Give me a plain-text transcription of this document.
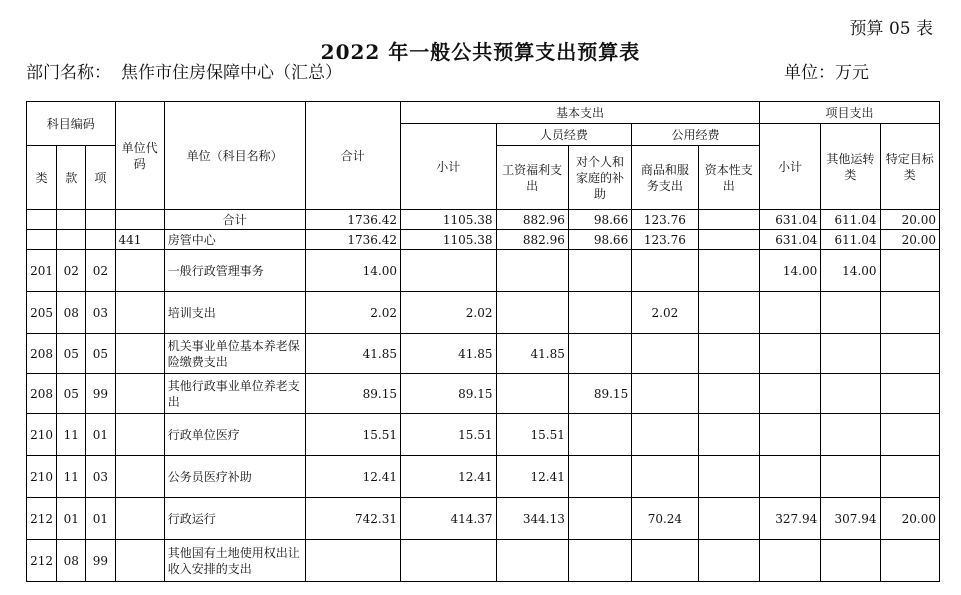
预算 05 表
2022 年一般公共预算支出预算表
部门名称： 焦作市住房保障中心（汇总）	单位：万元
科目编码			单位代码	单位（科目名称）	合计	基本支出					项目支出		
						小计	人员经费		公用经费		小计	其他运转类	特定目标类
类	款	项					工资福利支出	对个人和家庭的补助	商品和服务支出	资本性支出			

				合计	1736.42	1105.38	882.96	98.66	123.76		631.04	611.04	20.00
			441	房管中心	1736.42	1105.38	882.96	98.66	123.76		631.04	611.04	20.00
201	02	02		一般行政管理事务	14.00						14.00	14.00	
205	08	03		培训支出	2.02	2.02			2.02				
208	05	05		机关事业单位基本养老保险缴费支出	41.85	41.85	41.85						
208	05	99		其他行政事业单位养老支出	89.15	89.15		89.15					
210	11	01		行政单位医疗	15.51	15.51	15.51						
210	11	03		公务员医疗补助	12.41	12.41	12.41						
212	01	01		行政运行	742.31	414.37	344.13		70.24		327.94	307.94	20.00
212	08	99		其他国有土地使用权出让收入安排的支出									
